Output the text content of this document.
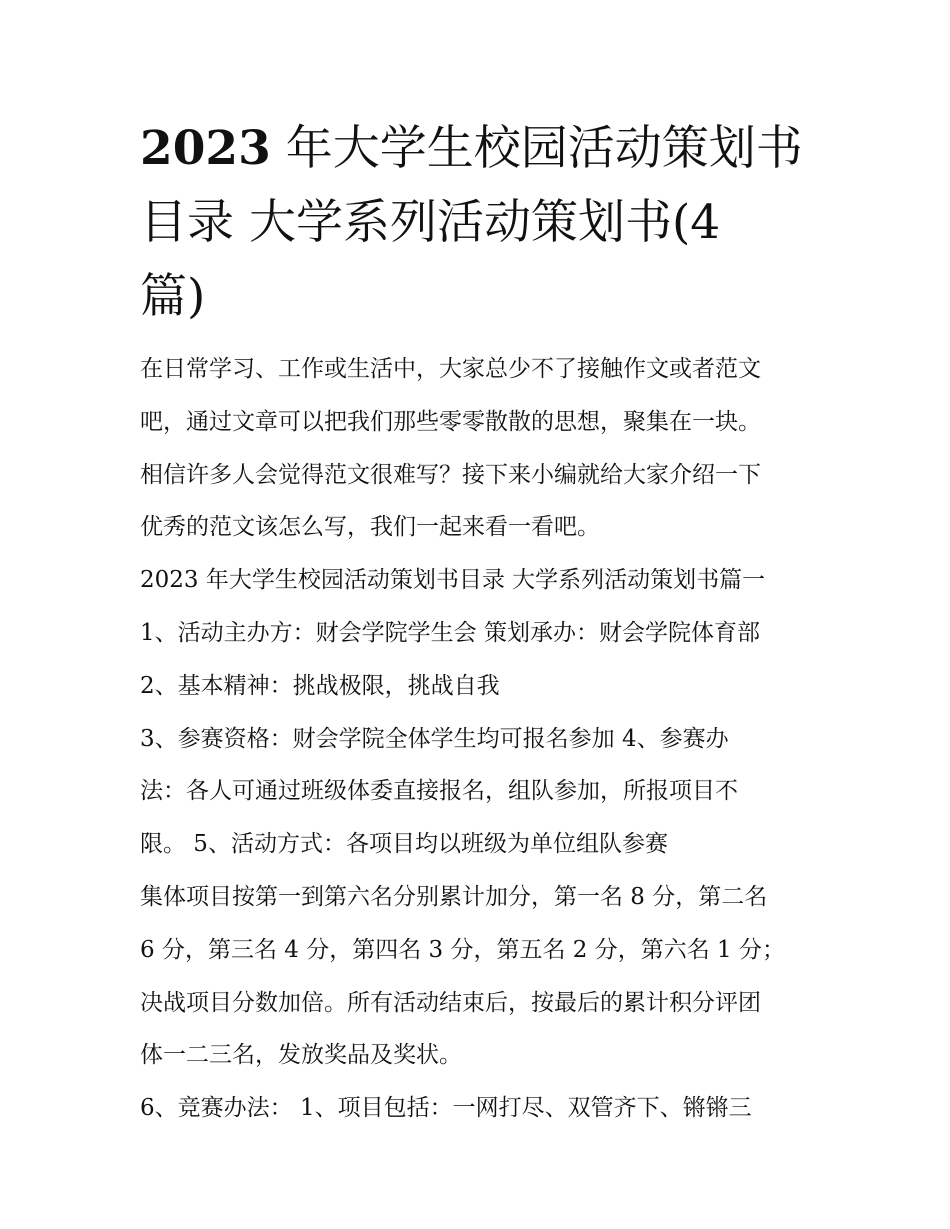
2023 年大学生校园活动策划书
目录 大学系列活动策划书(4
篇)
在日常学习、工作或生活中，大家总少不了接触作文或者范文
吧，通过文章可以把我们那些零零散散的思想，聚集在一块。
相信许多人会觉得范文很难写？接下来小编就给大家介绍一下
优秀的范文该怎么写，我们一起来看一看吧。
2023 年大学生校园活动策划书目录 大学系列活动策划书篇一
1、活动主办方：财会学院学生会 策划承办：财会学院体育部
2、基本精神：挑战极限，挑战自我
3、参赛资格：财会学院全体学生均可报名参加 4、参赛办
法：各人可通过班级体委直接报名，组队参加，所报项目不
限。 5、活动方式：各项目均以班级为单位组队参赛
集体项目按第一到第六名分别累计加分，第一名 8 分，第二名
6 分，第三名 4 分，第四名 3 分，第五名 2 分，第六名 1 分；
决战项目分数加倍。所有活动结束后，按最后的累计积分评团
体一二三名，发放奖品及奖状。
6、竞赛办法： 1、项目包括：一网打尽、双管齐下、锵锵三
